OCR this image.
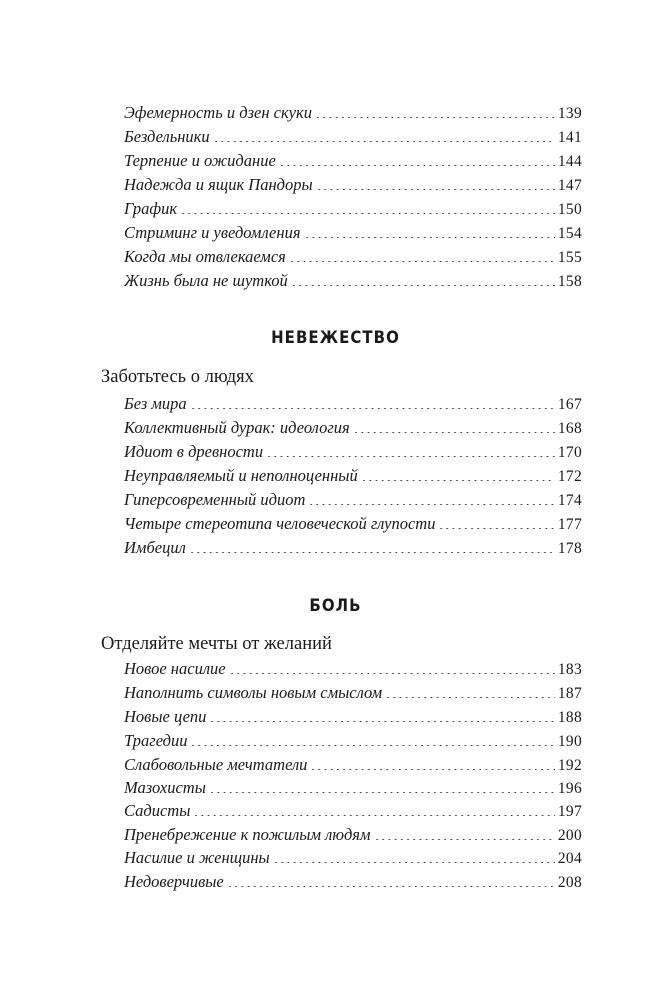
Эфемерность и дзен скуки	139
Бездельники	141
Терпение и ожидание	144
Надежда и ящик Пандоры	147
График	150
Стриминг и уведомления	154
Когда мы отвлекаемся	155
Жизнь была не шуткой	158
НЕВЕЖЕСТВО
Заботьтесь о людях
Без мира	167
Коллективный дурак: идеология	168
Идиот в древности	170
Неуправляемый и неполноценный	172
Гиперсовременный идиот	174
Четыре стереотипа человеческой глупости	177
Имбецил	178
БОЛЬ
Отделяйте мечты от желаний
Новое насилие	183
Наполнить символы новым смыслом	187
Новые цепи	188
Трагедии	190
Слабовольные мечтатели	192
Мазохисты	196
Садисты	197
Пренебрежение к пожилым людям	200
Насилие и женщины	204
Недоверчивые	208
